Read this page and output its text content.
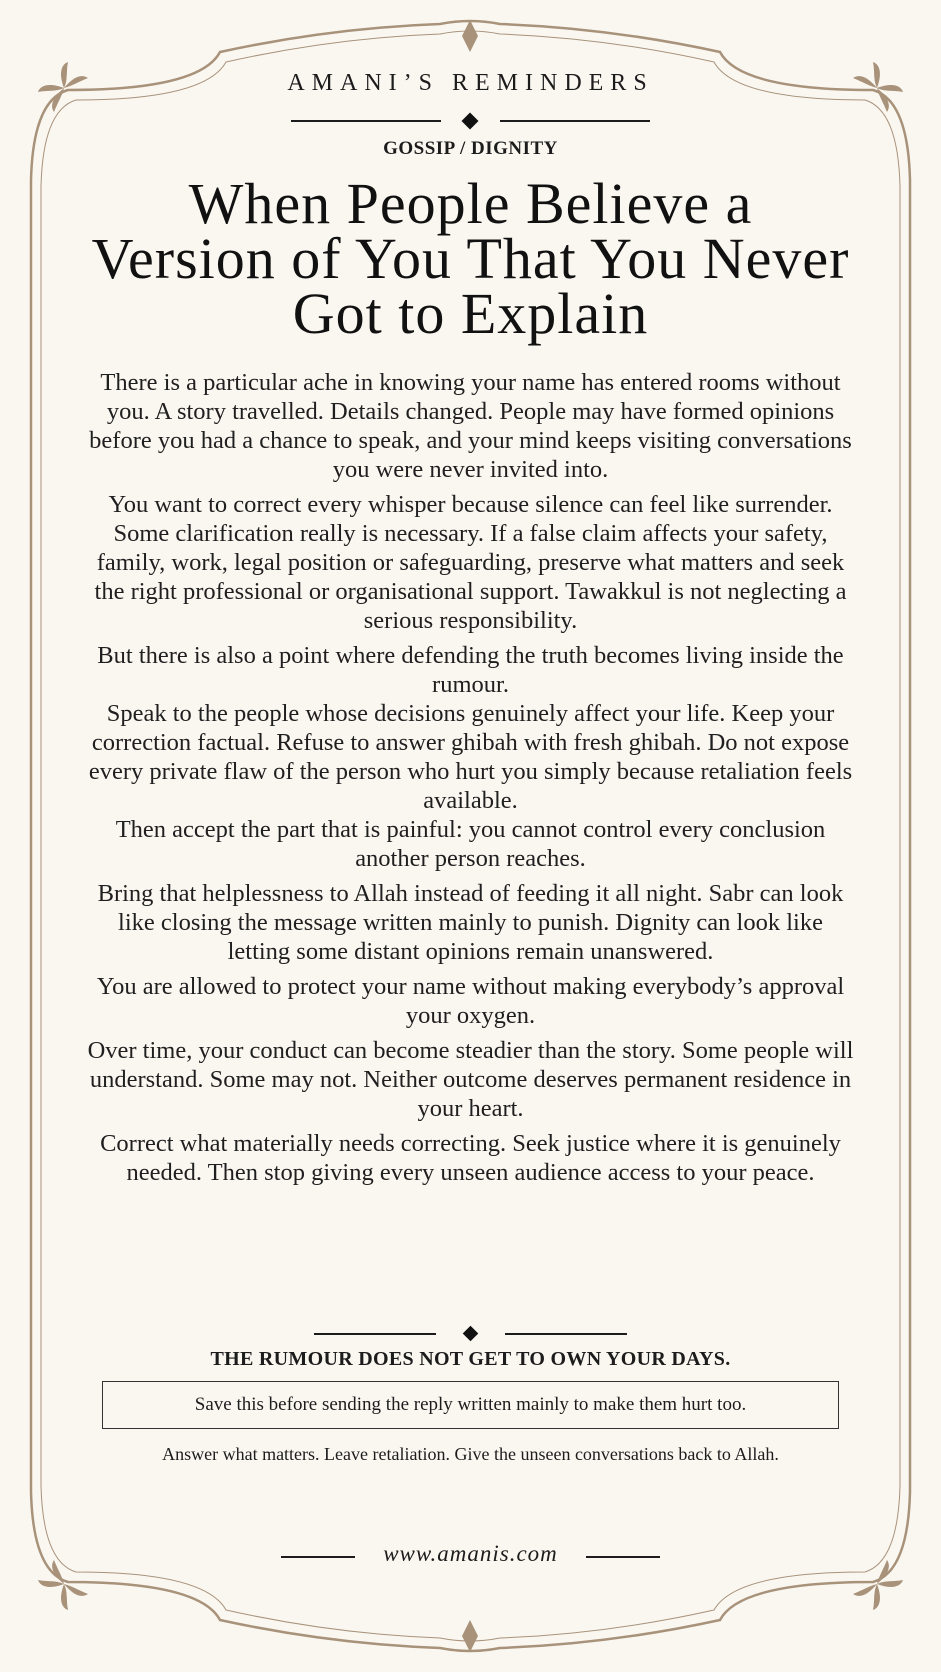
AMANI’S REMINDERS
GOSSIP / DIGNITY
When People Believe a Version of You That You Never Got to Explain

There is a particular ache in knowing your name has entered rooms without you. A story travelled. Details changed. People may have formed opinions before you had a chance to speak, and your mind keeps visiting conversations you were never invited into.

You want to correct every whisper because silence can feel like surrender.

Some clarification really is necessary. If a false claim affects your safety, family, work, legal position or safeguarding, preserve what matters and seek the right professional or organisational support. Tawakkul is not neglecting a serious responsibility.

But there is also a point where defending the truth becomes living inside the rumour.

Speak to the people whose decisions genuinely affect your life. Keep your correction factual. Refuse to answer ghibah with fresh ghibah. Do not expose every private flaw of the person who hurt you simply because retaliation feels available.

Then accept the part that is painful: you cannot control every conclusion another person reaches.

Bring that helplessness to Allah instead of feeding it all night. Sabr can look like closing the message written mainly to punish. Dignity can look like letting some distant opinions remain unanswered.

You are allowed to protect your name without making everybody’s approval your oxygen.

Over time, your conduct can become steadier than the story. Some people will understand. Some may not. Neither outcome deserves permanent residence in your heart.

Correct what materially needs correcting. Seek justice where it is genuinely needed. Then stop giving every unseen audience access to your peace.

THE RUMOUR DOES NOT GET TO OWN YOUR DAYS.
Save this before sending the reply written mainly to make them hurt too.
Answer what matters. Leave retaliation. Give the unseen conversations back to Allah.
www.amanis.com
